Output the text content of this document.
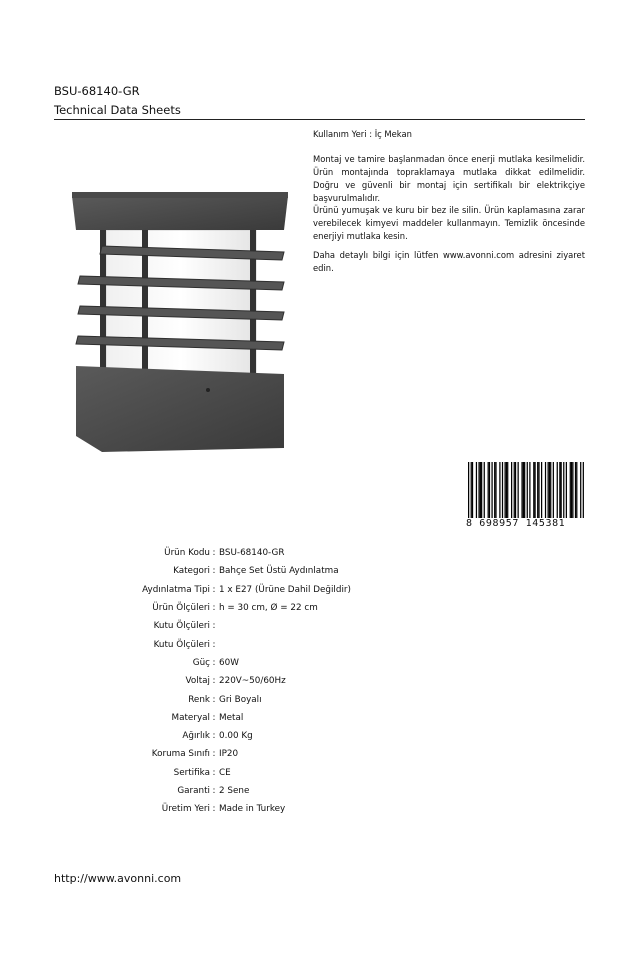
BSU-68140-GR
Technical Data Sheets

Kullanım Yeri : İç Mekan

Montaj ve tamire başlanmadan önce enerji mutlaka kesilmelidir. Ürün montajında topraklamaya mutlaka dikkat edilmelidir. Doğru ve güvenli bir montaj için sertifikalı bir elektrikçiye başvurulmalıdır.

Ürünü yumuşak ve kuru bir bez ile silin. Ürün kaplamasına zarar verebilecek kimyevi maddeler kullanmayın. Temizlik öncesinde enerjiyi mutlaka kesin.

Daha detaylı bilgi için lütfen www.avonni.com adresini ziyaret edin.

8 698957 145381
Ürün Kodu : BSU-68140-GR
Kategori : Bahçe Set Üstü Aydınlatma
Aydınlatma Tipi : 1 x E27 (Ürüne Dahil Değildir)
Ürün Ölçüleri : h = 30 cm, Ø = 22 cm
Kutu Ölçüleri :
Kutu Ölçüleri :
Güç : 60W
Voltaj : 220V~50/60Hz
Renk : Gri Boyalı
Materyal : Metal
Ağırlık : 0.00 Kg
Koruma Sınıfı : IP20
Sertifika : CE
Garanti : 2 Sene
Üretim Yeri : Made in Turkey
http://www.avonni.com
